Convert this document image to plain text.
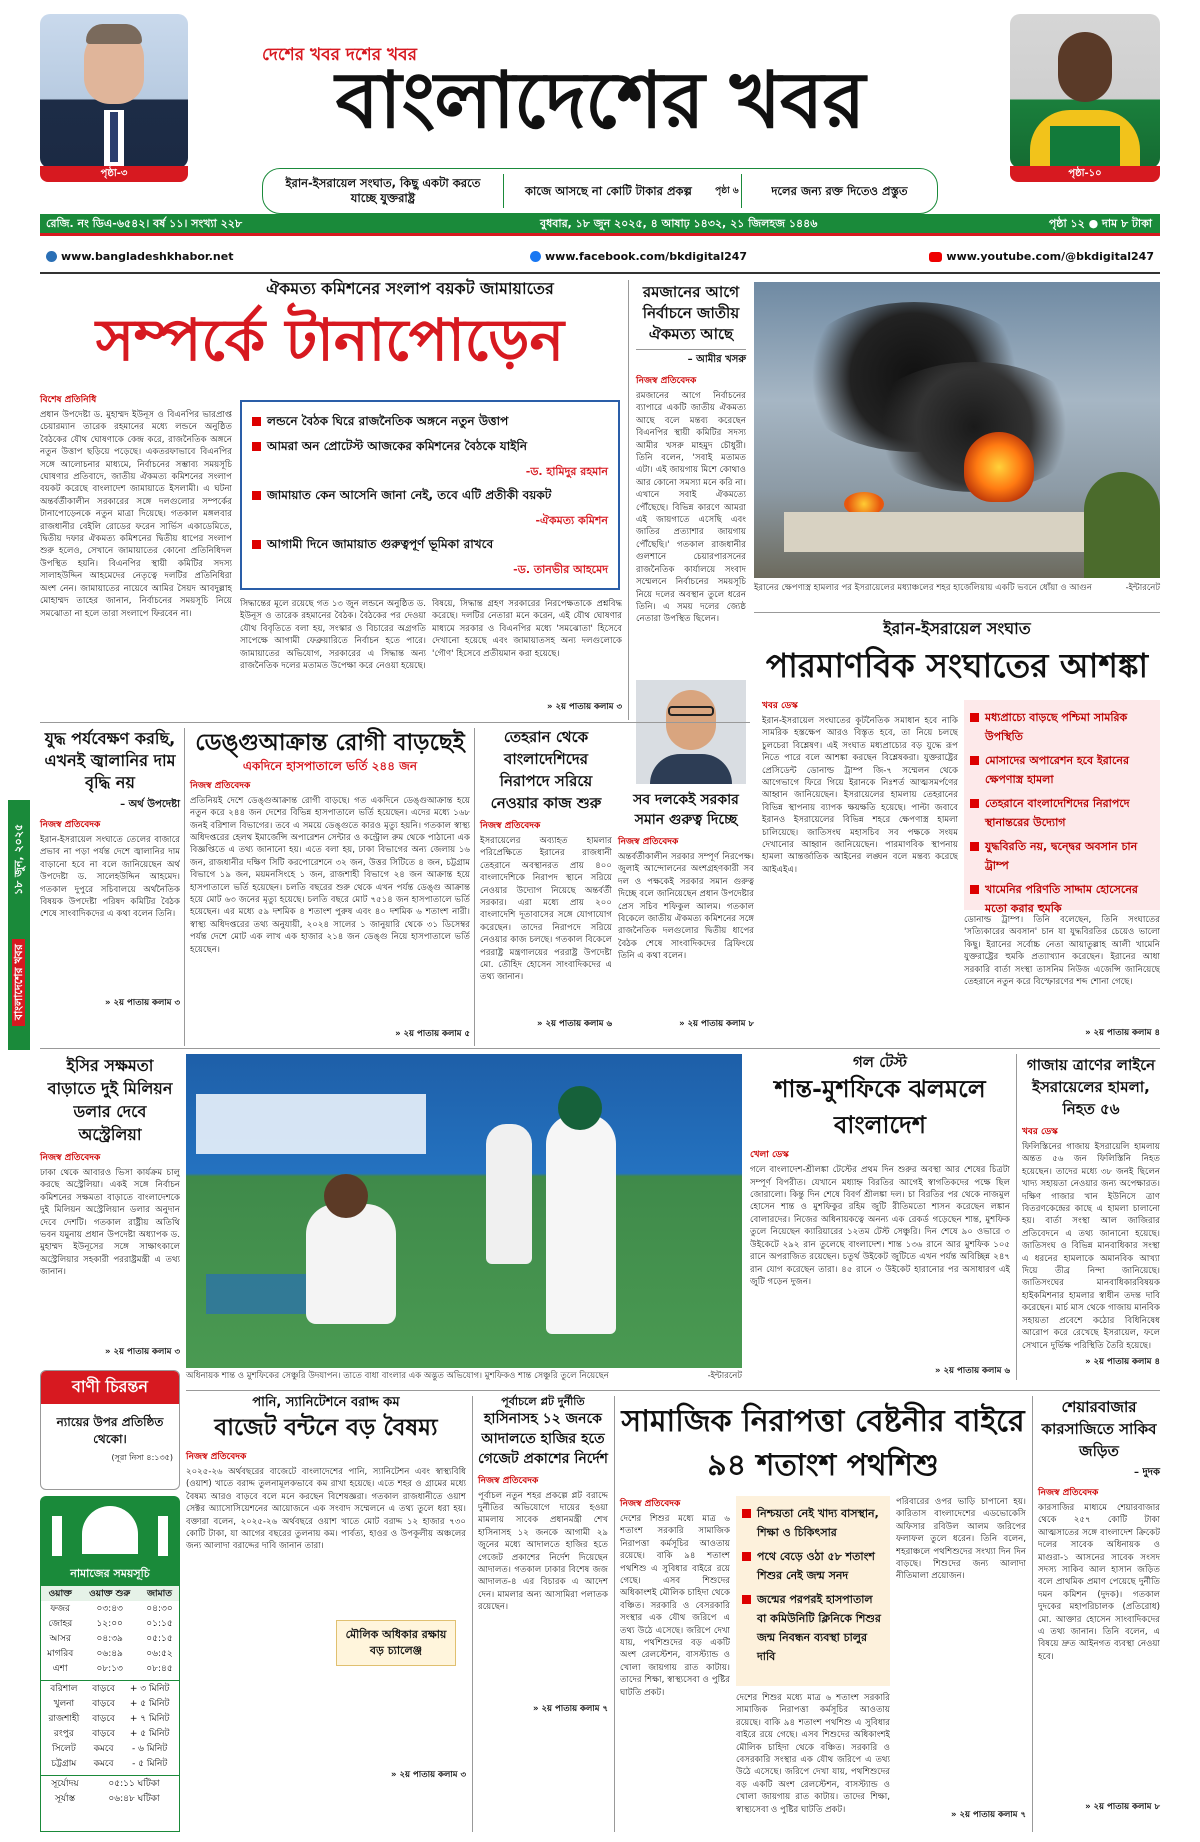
পৃষ্ঠা-৩
দেশের খবর দশের খবর
বাংলাদেশের খবর
পৃষ্ঠা-১০
ইরান-ইসরায়েল সংঘাত, কিছু একটা করতে যাচ্ছে যুক্তরাষ্ট্র
কাজে আসছে না কোটি টাকার প্রকল্প	পৃষ্ঠা ৬	দলের জন্য রক্ত দিতেও প্রস্তুত
রেজি. নং ডিএ-৬৫৪২। বর্ষ ১১। সংখ্যা ২২৮	বুধবার, ১৮ জুন ২০২৫, ৪ আষাঢ় ১৪৩২, ২১ জিলহজ ১৪৪৬	পৃষ্ঠা ১২ ● দাম ৮ টাকা
www.bangladeshkhabor.net	www.facebook.com/bkdigital247	www.youtube.com/@bkdigital247
ঐকমত্য কমিশনের সংলাপ বয়কট জামায়াতের
সম্পর্কে টানাপোড়েন
বিশেষ প্রতিনিধি
প্রধান উপদেষ্টা ড. মুহাম্মদ ইউনূস ও বিএনপির ভারপ্রাপ্ত চেয়ারম্যান তারেক রহমানের মধ্যে লন্ডনে অনুষ্ঠিত বৈঠকের যৌথ ঘোষণাকে কেন্দ্র করে, রাজনৈতিক অঙ্গনে নতুন উত্তাপ ছড়িয়ে পড়েছে। একতরফাভাবে বিএনপির সঙ্গে আলোচনার মাধ্যমে, নির্বাচনের সম্ভাব্য সময়সূচি ঘোষণার প্রতিবাদে, জাতীয় ঐকমত্য কমিশনের সংলাপ বয়কট করেছে বাংলাদেশ জামায়াতে ইসলামী। এ ঘটনা অন্তর্বর্তীকালীন সরকারের সঙ্গে দলগুলোর সম্পর্কের টানাপোড়েনকে নতুন মাত্রা দিয়েছে। গতকাল মঙ্গলবার রাজধানীর বেইলি রোডের ফরেন সার্ভিস একাডেমিতে, দ্বিতীয় দফার ঐকমত্য কমিশনের দ্বিতীয় ধাপের সংলাপ শুরু হলেও, সেখানে জামায়াতের কোনো প্রতিনিধিদল উপস্থিত হয়নি। বিএনপির স্থায়ী কমিটির সদস্য সালাহউদ্দিন আহমেদের নেতৃত্বে দলটির প্রতিনিধিরা অংশ নেন। জামায়াতের নায়েবে আমির সৈয়দ আবদুল্লাহ মোহাম্মদ তাহের জানান, নির্বাচনের সময়সূচি নিয়ে সমঝোতা না হলে তারা সংলাপে ফিরবেন না।
লন্ডনে বৈঠক ঘিরে রাজনৈতিক অঙ্গনে নতুন উত্তাপ
আমরা অন প্রোটেস্ট আজকের কমিশনের বৈঠকে যাইনি
-ড. হামিদুর রহমান
জামায়াত কেন আসেনি জানা নেই, তবে এটি প্রতীকী বয়কট
-ঐকমত্য কমিশন
আগামী দিনে জামায়াত গুরুত্বপূর্ণ ভূমিকা রাখবে
-ড. তানভীর আহমেদ
সিদ্ধান্তের মূলে রয়েছে গত ১৩ জুন লন্ডনে অনুষ্ঠিত ড. ইউনূস ও তারেক রহমানের বৈঠক। বৈঠকের পর দেওয়া যৌথ বিবৃতিতে বলা হয়, সংস্কার ও বিচারের অগ্রগতি সাপেক্ষে আগামী ফেব্রুয়ারিতে নির্বাচন হতে পারে। জামায়াতের অভিযোগ, সরকারের এ সিদ্ধান্ত অন্য রাজনৈতিক দলের মতামত উপেক্ষা করে নেওয়া হয়েছে।
বিষয়ে, সিদ্ধান্ত গ্রহণ সরকারের নিরপেক্ষতাকে প্রশ্নবিদ্ধ করেছে। দলটির নেতারা মনে করেন, এই যৌথ ঘোষণার মাধ্যমে সরকার ও বিএনপির মধ্যে 'সমঝোতা' হিসেবে দেখানো হয়েছে এবং জামায়াতসহ অন্য দলগুলোকে 'গৌণ' হিসেবে প্রতীয়মান করা হয়েছে।
» ২য় পাতায় কলাম ৩
রমজানের আগে নির্বাচনে জাতীয় ঐকমত্য আছে
– আমীর খসরু
নিজস্ব প্রতিবেদক
রমজানের আগে নির্বাচনের ব্যাপারে একটি জাতীয় ঐকমত্য আছে বলে মন্তব্য করেছেন বিএনপির স্থায়ী কমিটির সদস্য আমীর খসরু মাহমুদ চৌধুরী। তিনি বলেন, 'সবাই মতামত এটা। এই জায়গায় মিশে কোথাও আর কোনো সমস্যা মনে করি না। এখানে সবাই ঐকমত্যে পৌঁছেছে। বিভিন্ন কারণে আমরা এই জায়গাতে এসেছি এবং জাতির প্রত্যাশার জায়গায় পৌঁছেছি।' গতকাল রাজধানীর গুলশানে চেয়ারপারসনের রাজনৈতিক কার্যালয়ে সংবাদ সম্মেলনে নির্বাচনের সময়সূচি নিয়ে দলের অবস্থান তুলে ধরেন তিনি। এ সময় দলের জ্যেষ্ঠ নেতারা উপস্থিত ছিলেন।
ইরানের ক্ষেপণাস্ত্র হামলার পর ইসরায়েলের মধ্যাঞ্চলের শহর হার্জেলিয়ায় একটি ভবনে ধোঁয়া ও আগুন	-ইন্টারনেট
ইরান-ইসরায়েল সংঘাত
পারমাণবিক সংঘাতের আশঙ্কা
সব দলকেই সরকার সমান গুরুত্ব দিচ্ছে
নিজস্ব প্রতিবেদক
অন্তর্বর্তীকালীন সরকার সম্পূর্ণ নিরপেক্ষ। জুলাই আন্দোলনের অংশগ্রহণকারী সব দল ও পক্ষকেই সরকার সমান গুরুত্ব দিচ্ছে বলে জানিয়েছেন প্রধান উপদেষ্টার প্রেস সচিব শফিকুল আলম। গতকাল বিকেলে জাতীয় ঐকমত্য কমিশনের সঙ্গে রাজনৈতিক দলগুলোর দ্বিতীয় ধাপের বৈঠক শেষে সাংবাদিকদের ব্রিফিংয়ে তিনি এ কথা বলেন।
» ২য় পাতায় কলাম ৮
খবর ডেস্ক
ইরান-ইসরায়েল সংঘাতের কূটনৈতিক সমাধান হবে নাকি সামরিক হস্তক্ষেপ আরও বিস্তৃত হবে, তা নিয়ে চলছে চুলচেরা বিশ্লেষণ। এই সংঘাত মধ্যপ্রাচ্যের বড় যুদ্ধে রূপ নিতে পারে বলে আশঙ্কা করছেন বিশ্লেষকরা। যুক্তরাষ্ট্রের প্রেসিডেন্ট ডোনাল্ড ট্রাম্প জি-৭ সম্মেলন থেকে আগেভাগে ফিরে গিয়ে ইরানকে নিঃশর্ত আত্মসমর্পণের আহ্বান জানিয়েছেন। ইসরায়েলের হামলায় তেহরানের বিভিন্ন স্থাপনায় ব্যাপক ক্ষয়ক্ষতি হয়েছে। পাল্টা জবাবে ইরানও ইসরায়েলের বিভিন্ন শহরে ক্ষেপণাস্ত্র হামলা চালিয়েছে। জাতিসংঘ মহাসচিব সব পক্ষকে সংযম দেখানোর আহ্বান জানিয়েছেন। পারমাণবিক স্থাপনায় হামলা আন্তর্জাতিক আইনের লঙ্ঘন বলে মন্তব্য করেছে আইএইএ।
মধ্যপ্রাচ্যে বাড়ছে পশ্চিমা সামরিক উপস্থিতি
মোসাদের অপারেশন হবে ইরানের ক্ষেপণাস্ত্র হামলা
তেহরানে বাংলাদেশিদের নিরাপদে স্থানান্তরের উদ্যোগ
যুদ্ধবিরতি নয়, দ্বন্দ্বের অবসান চান ট্রাম্প
খামেনির পরিণতি সাদ্দাম হোসেনের মতো করার হুমকি
ডোনাল্ড ট্রাম্প। তিনি বলেছেন, তিনি সংঘাতের 'সত্যিকারের অবসান' চান যা যুদ্ধবিরতির চেয়েও ভালো কিছু। ইরানের সর্বোচ্চ নেতা আয়াতুল্লাহ আলী খামেনি যুক্তরাষ্ট্রের হুমকি প্রত্যাখ্যান করেছেন। ইরানের আধা সরকারি বার্তা সংস্থা তাসনিম নিউজ এজেন্সি জানিয়েছে তেহরানে নতুন করে বিস্ফোরণের শব্দ শোনা গেছে।
» ২য় পাতায় কলাম ৪
বাংলাদেশের খবর ১৮ জুন, ২০২৫
যুদ্ধ পর্যবেক্ষণ করছি, এখনই জ্বালানির দাম বৃদ্ধি নয়
– অর্থ উপদেষ্টা
নিজস্ব প্রতিবেদক
ইরান-ইসরায়েল সংঘাতে তেলের বাজারে প্রভাব না পড়া পর্যন্ত দেশে জ্বালানির দাম বাড়ানো হবে না বলে জানিয়েছেন অর্থ উপদেষ্টা ড. সালেহউদ্দিন আহমেদ। গতকাল দুপুরে সচিবালয়ে অর্থনৈতিক বিষয়ক উপদেষ্টা পরিষদ কমিটির বৈঠক শেষে সাংবাদিকদের এ কথা বলেন তিনি।
» ২য় পাতায় কলাম ৩
ডেঙ্গুআক্রান্ত রোগী বাড়ছেই
একদিনে হাসপাতালে ভর্তি ২৪৪ জন
নিজস্ব প্রতিবেদক
প্রতিনিয়ই দেশে ডেঙ্গুআক্রান্ত রোগী বাড়ছে। গত একদিনে ডেঙ্গুআক্রান্ত হয়ে নতুন করে ২৪৪ জন দেশের বিভিন্ন হাসপাতালে ভর্তি হয়েছেন। এদের মধ্যে ১৬৮ জনই বরিশাল বিভাগের। তবে এ সময়ে ডেঙ্গুতে কারও মৃত্যু হয়নি। গতকাল স্বাস্থ্য অধিদপ্তরের হেলথ ইমার্জেন্সি অপারেশন সেন্টার ও কন্ট্রোল রুম থেকে পাঠানো এক বিজ্ঞপ্তিতে এ তথ্য জানানো হয়। এতে বলা হয়, ঢাকা বিভাগের অন্য জেলায় ১৬ জন, রাজধানীর দক্ষিণ সিটি করপোরেশনে ৩২ জন, উত্তর সিটিতে ৪ জন, চট্টগ্রাম বিভাগে ১৯ জন, ময়মনসিংহে ১ জন, রাজশাহী বিভাগে ২৪ জন আক্রান্ত হয়ে হাসপাতালে ভর্তি হয়েছেন। চলতি বছরের শুরু থেকে এখন পর্যন্ত ডেঙ্গু আক্রান্ত হয়ে মোট ৬৩ জনের মৃত্যু হয়েছে। চলতি বছরে মোট ৭৫১৪ জন হাসপাতালে ভর্তি হয়েছেন। এর মধ্যে ৫৯ দশমিক ৪ শতাংশ পুরুষ এবং ৪০ দশমিক ৬ শতাংশ নারী। স্বাস্থ্য অধিদপ্তরের তথ্য অনুযায়ী, ২০২৪ সালের ১ জানুয়ারি থেকে ৩১ ডিসেম্বর পর্যন্ত দেশে মোট এক লাখ এক হাজার ২১৪ জন ডেঙ্গু নিয়ে হাসপাতালে ভর্তি হয়েছেন।
» ২য় পাতায় কলাম ৫
তেহরান থেকে বাংলাদেশিদের নিরাপদে সরিয়ে নেওয়ার কাজ শুরু
নিজস্ব প্রতিবেদক
ইসরায়েলের অব্যাহত হামলার পরিপ্রেক্ষিতে ইরানের রাজধানী তেহরানে অবস্থানরত প্রায় ৪০০ বাংলাদেশিকে নিরাপদ স্থানে সরিয়ে নেওয়ার উদ্যোগ নিয়েছে অন্তর্বর্তী সরকার। এরা মধ্যে প্রায় ২০০ বাংলাদেশি দূতাবাসের সঙ্গে যোগাযোগ করেছেন। তাদের নিরাপদে সরিয়ে নেওয়ার কাজ চলছে। গতকাল বিকেলে পররাষ্ট্র মন্ত্রণালয়ের পররাষ্ট্র উপদেষ্টা মো. তৌহিদ হোসেন সাংবাদিকদের এ তথ্য জানান।
» ২য় পাতায় কলাম ৬
ইসির সক্ষমতা বাড়াতে দুই মিলিয়ন ডলার দেবে অস্ট্রেলিয়া
নিজস্ব প্রতিবেদক
ঢাকা থেকে আবারও ভিসা কার্যক্রম চালু করছে অস্ট্রেলিয়া। একই সঙ্গে নির্বাচন কমিশনের সক্ষমতা বাড়াতে বাংলাদেশকে দুই মিলিয়ন অস্ট্রেলিয়ান ডলার অনুদান দেবে দেশটি। গতকাল রাষ্ট্রীয় অতিথি ভবন যমুনায় প্রধান উপদেষ্টা অধ্যাপক ড. মুহাম্মদ ইউনূসের সঙ্গে সাক্ষাৎকালে অস্ট্রেলিয়ার সহকারী পররাষ্ট্রমন্ত্রী এ তথ্য জানান।
» ২য় পাতায় কলাম ৩
অধিনায়ক শান্ত ও মুশফিকের সেঞ্চুরি উদযাপন। তাতে বাধা বাংলার এক অদ্ভুত অভিযোগ। মুশফিকও শান্ত সেঞ্চুরি তুলে নিয়েছেন	-ইন্টারনেট
গল টেস্ট
শান্ত-মুশফিকে ঝলমলে বাংলাদেশ
খেলা ডেস্ক
গলে বাংলাদেশ-শ্রীলঙ্কা টেস্টের প্রথম দিন শুরুর অবস্থা আর শেষের চিত্রটা সম্পূর্ণ বিপরীত। যেখানে মধ্যাহ্ন বিরতির আগেই স্বাগতিকদের পক্ষে ছিল জোরালো। কিন্তু দিন শেষে বিবর্ণ শ্রীলঙ্কা দল। চা বিরতির পর থেকে নাজমুল হোসেন শান্ত ও মুশফিকুর রহিম জুটি রীতিমতো শাসন করেছেন লঙ্কান বোলারদের। নিজের অধিনায়কত্বে অনন্য এক রেকর্ড গড়েছেন শান্ত, মুশফিক তুলে নিয়েছেন ক্যারিয়ারের ১২তম টেস্ট সেঞ্চুরি। দিন শেষে ৯০ ওভারে ৩ উইকেটে ২৯২ রান তুলেছে বাংলাদেশ। শান্ত ১৩৬ রানে আর মুশফিক ১০৫ রানে অপরাজিত রয়েছেন। চতুর্থ উইকেট জুটিতে এখন পর্যন্ত অবিচ্ছিন্ন ২৪৭ রান যোগ করেছেন তারা। ৪৫ রানে ৩ উইকেট হারানোর পর অসাধারণ এই জুটি গড়েন দুজন।
» ২য় পাতায় কলাম ৬
গাজায় ত্রাণের লাইনে ইসরায়েলের হামলা, নিহত ৫৬
খবর ডেস্ক
ফিলিস্তিনের গাজায় ইসরায়েলি হামলায় অন্তত ৫৬ জন ফিলিস্তিনি নিহত হয়েছেন। তাদের মধ্যে ৩৮ জনই ছিলেন খাদ্য সহায়তা নেওয়ার জন্য অপেক্ষারত। দক্ষিণ গাজার খান ইউনিসে ত্রাণ বিতরণকেন্দ্রের কাছে এ হামলা চালানো হয়। বার্তা সংস্থা আল জাজিরার প্রতিবেদনে এ তথ্য জানানো হয়েছে। জাতিসংঘ ও বিভিন্ন মানবাধিকার সংস্থা এ ধরনের হামলাকে অমানবিক আখ্যা দিয়ে তীব্র নিন্দা জানিয়েছে। জাতিসংঘের মানবাধিকারবিষয়ক হাইকমিশনার হামলার স্বাধীন তদন্ত দাবি করেছেন। মার্চ মাস থেকে গাজায় মানবিক সহায়তা প্রবেশে কঠোর বিধিনিষেধ আরোপ করে রেখেছে ইসরায়েল, ফলে সেখানে দুর্ভিক্ষ পরিস্থিতি তৈরি হয়েছে।
» ২য় পাতায় কলাম ৪
বাণী চিরন্তন
ন্যায়ের উপর প্রতিষ্ঠিত থেকো।
(সূরা নিসা ৪:১৩৫)
নামাজের সময়সূচি
ওয়াক্ত	ওয়াক্ত শুরু	জামাত
ফজর	০৩:৪৩	০৪:৩০
জোহর	১২:০০	০১:১৫
আসর	০৪:৩৯	০৫:১৫
মাগরিব	০৬:৪৯	০৬:৫২
এশা	০৮:১৩	০৮:৪৫
বরিশাল	বাড়বে	+ ৩ মিনিট
খুলনা	বাড়বে	+ ৫ মিনিট
রাজশাহী	বাড়বে	+ ৭ মিনিট
রংপুর	বাড়বে	+ ৫ মিনিট
সিলেট	কমবে	- ৬ মিনিট
চট্টগ্রাম	কমবে	- ৫ মিনিট
সূর্যোদয়	০৫:১১ ঘটিকা
সূর্যাস্ত	০৬:৪৮ ঘটিকা
পানি, স্যানিটেশনে বরাদ্দ কম
বাজেট বন্টনে বড় বৈষম্য
নিজস্ব প্রতিবেদক
২০২৫-২৬ অর্থবছরের বাজেটে বাংলাদেশের পানি, স্যানিটেশন এবং স্বাস্থ্যবিধি (ওয়াশ) খাতে বরাদ্দ তুলনামূলকভাবে কম রাখা হয়েছে। এতে শহর ও গ্রামের মধ্যে বৈষম্য আরও বাড়বে বলে মনে করছেন বিশেষজ্ঞরা। গতকাল রাজধানীতে ওয়াশ সেক্টর অ্যাসোসিয়েশনের আয়োজনে এক সংবাদ সম্মেলনে এ তথ্য তুলে ধরা হয়। বক্তারা বলেন, ২০২৫-২৬ অর্থবছরে ওয়াশ খাতে মোট বরাদ্দ ১২ হাজার ৭৩০ কোটি টাকা, যা আগের বছরের তুলনায় কম। পার্বত্য, হাওর ও উপকূলীয় অঞ্চলের জন্য আলাদা বরাদ্দের দাবি জানান তারা।
» ২য় পাতায় কলাম ৩
মৌলিক অধিকার রক্ষায় বড় চ্যালেঞ্জ
পূর্বাচলে প্লট দুর্নীতি
হাসিনাসহ ১২ জনকে আদালতে হাজির হতে গেজেট প্রকাশের নির্দেশ
নিজস্ব প্রতিবেদক
পূর্বাচল নতুন শহর প্রকল্পে প্লট বরাদ্দে দুর্নীতির অভিযোগে দায়ের হওয়া মামলায় সাবেক প্রধানমন্ত্রী শেখ হাসিনাসহ ১২ জনকে আগামী ২৯ জুনের মধ্যে আদালতে হাজির হতে গেজেট প্রকাশের নির্দেশ দিয়েছেন আদালত। গতকাল ঢাকার বিশেষ জজ আদালত-৪ এর বিচারক এ আদেশ দেন। মামলার অন্য আসামিরা পলাতক রয়েছেন।
» ২য় পাতায় কলাম ৭
সামাজিক নিরাপত্তা বেষ্টনীর বাইরে ৯৪ শতাংশ পথশিশু
নিজস্ব প্রতিবেদক
দেশের শিশুর মধ্যে মাত্র ৬ শতাংশ সরকারি সামাজিক নিরাপত্তা কর্মসূচির আওতায় রয়েছে। বাকি ৯৪ শতাংশ পথশিশু এ সুবিধার বাইরে রয়ে গেছে। এসব শিশুদের অধিকাংশই মৌলিক চাহিদা থেকে বঞ্চিত। সরকারি ও বেসরকারি সংস্থার এক যৌথ জরিপে এ তথ্য উঠে এসেছে। জরিপে দেখা যায়, পথশিশুদের বড় একটি অংশ রেলস্টেশন, বাসস্ট্যান্ড ও খোলা জায়গায় রাত কাটায়। তাদের শিক্ষা, স্বাস্থ্যসেবা ও পুষ্টির ঘাটতি প্রকট।
নিশ্চয়তা নেই খাদ্য বাসস্থান, শিক্ষা ও চিকিৎসার
পথে বেড়ে ওঠা ৫৮ শতাংশ শিশুর নেই জন্ম সনদ
জন্মের পরপরই হাসপাতাল বা কমিউনিটি ক্লিনিকে শিশুর জন্ম নিবন্ধন ব্যবস্থা চালুর দাবি
দেশের শিশুর মধ্যে মাত্র ৬ শতাংশ সরকারি সামাজিক নিরাপত্তা কর্মসূচির আওতায় রয়েছে। বাকি ৯৪ শতাংশ পথশিশু এ সুবিধার বাইরে রয়ে গেছে। এসব শিশুদের অধিকাংশই মৌলিক চাহিদা থেকে বঞ্চিত। সরকারি ও বেসরকারি সংস্থার এক যৌথ জরিপে এ তথ্য উঠে এসেছে। জরিপে দেখা যায়, পথশিশুদের বড় একটি অংশ রেলস্টেশন, বাসস্ট্যান্ড ও খোলা জায়গায় রাত কাটায়। তাদের শিক্ষা, স্বাস্থ্যসেবা ও পুষ্টির ঘাটতি প্রকট।
পরিবারের ওপর ভাড়ি চাপানো হয়। কারিতাস বাংলাদেশের এডভোকেসি অফিসার রবিউল আলম জরিপের ফলাফল তুলে ধরেন। তিনি বলেন, শহরাঞ্চলে পথশিশুদের সংখ্যা দিন দিন বাড়ছে। শিশুদের জন্য আলাদা নীতিমালা প্রয়োজন।
» ২য় পাতায় কলাম ৭
শেয়ারবাজার কারসাজিতে সাকিব জড়িত
– দুদক
নিজস্ব প্রতিবেদক
কারসাজির মাধ্যমে শেয়ারবাজার থেকে ২৫৭ কোটি টাকা আত্মসাতের সঙ্গে বাংলাদেশ ক্রিকেট দলের সাবেক অধিনায়ক ও মাগুরা-১ আসনের সাবেক সংসদ সদস্য সাকিব আল হাসান জড়িত বলে প্রাথমিক প্রমাণ পেয়েছে দুর্নীতি দমন কমিশন (দুদক)। গতকাল দুদকের মহাপরিচালক (প্রতিরোধ) মো. আক্তার হোসেন সাংবাদিকদের এ তথ্য জানান। তিনি বলেন, এ বিষয়ে দ্রুত আইনগত ব্যবস্থা নেওয়া হবে।
» ২য় পাতায় কলাম ৮
